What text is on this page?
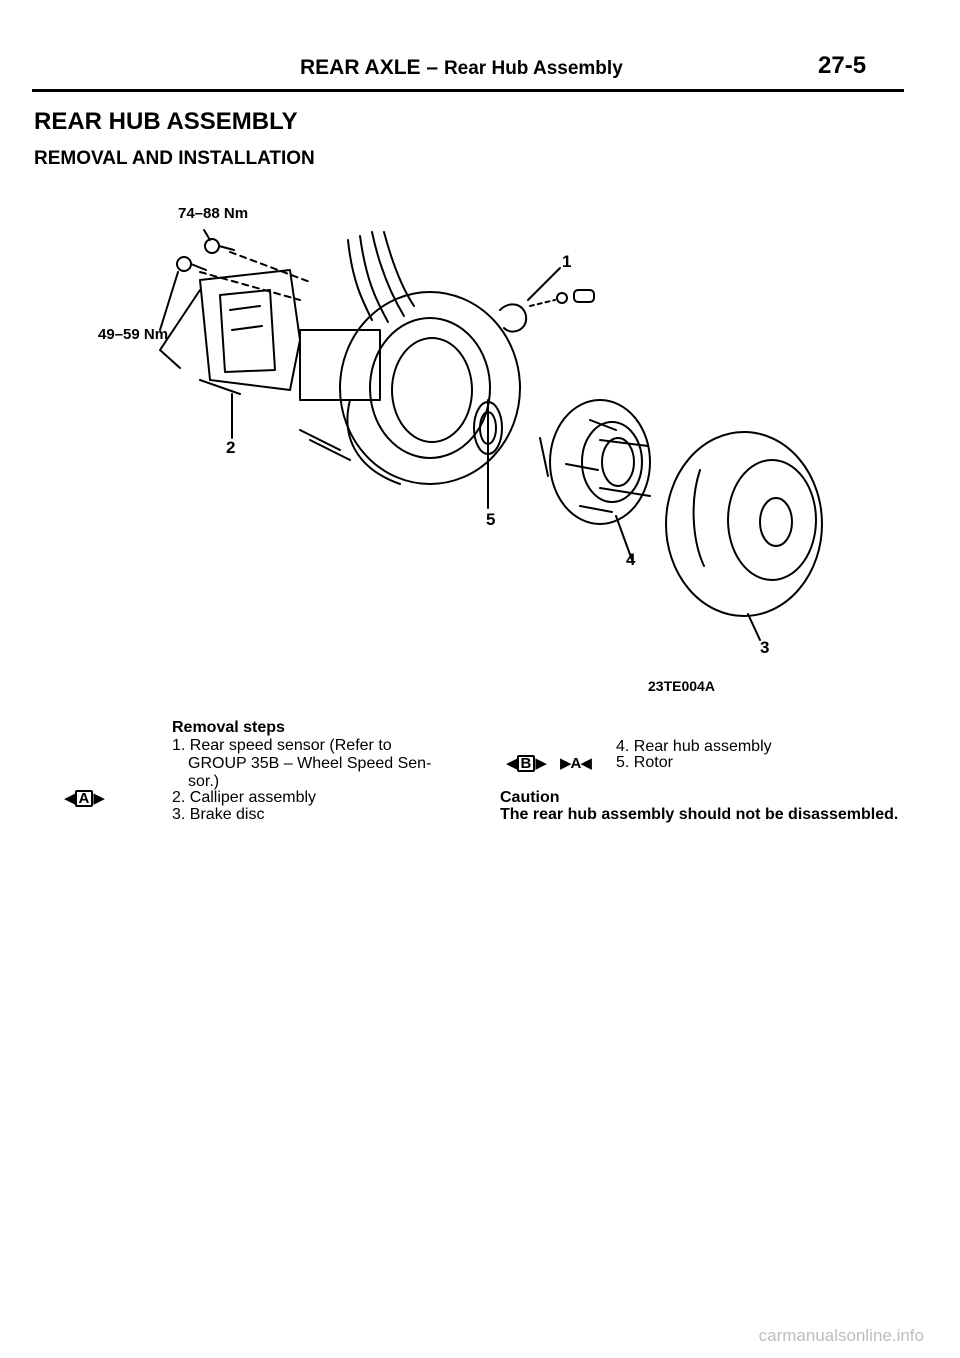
REAR AXLE – Rear Hub Assembly	27-5
REAR HUB ASSEMBLY
REMOVAL AND INSTALLATION
74–88 Nm
49–59 Nm
1
2
3
4
5
23TE004A
Removal steps
1. Rear speed sensor (Refer to
GROUP 35B – Wheel Speed Sen-
sor.)
◀ A ▶	2. Calliper assembly
3. Brake disc
4. Rear hub assembly
◀ B ▶ ▶A◀ 5. Rotor
Caution
The rear hub assembly should not be disassembled.
carmanualsonline.info
